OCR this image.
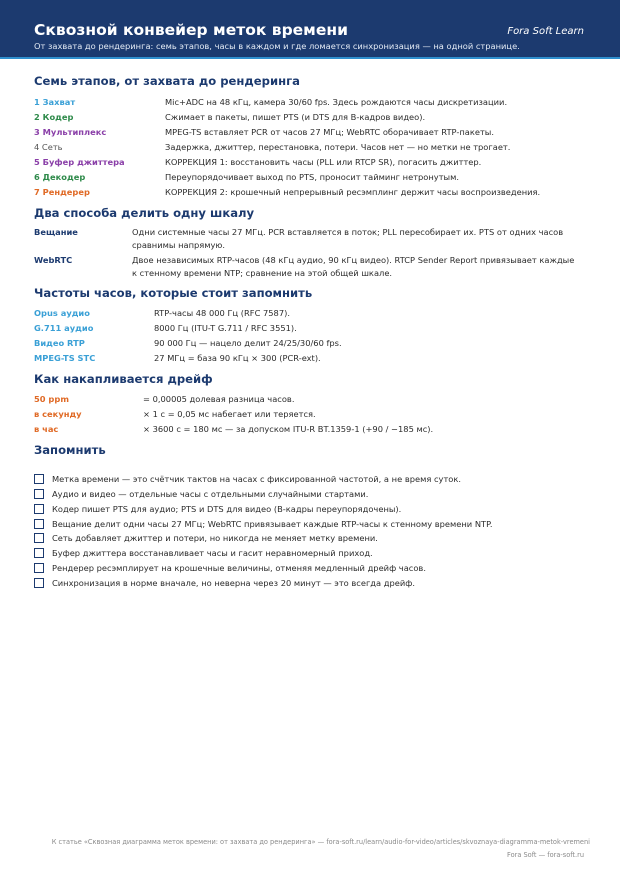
Сквозной конвейер меток времени	Fora Soft Learn
От захвата до рендеринга: семь этапов, часы в каждом и где ломается синхронизация — на одной странице.
Семь этапов, от захвата до рендеринга
1 Захват	Mic+ADC на 48 кГц, камера 30/60 fps. Здесь рождаются часы дискретизации.
2 Кодер	Сжимает в пакеты, пишет PTS (и DTS для B-кадров видео).
3 Мультиплекс	MPEG-TS вставляет PCR от часов 27 МГц; WebRTC оборачивает RTP-пакеты.
4 Сеть	Задержка, джиттер, перестановка, потери. Часов нет — но метки не трогает.
5 Буфер джиттера	КОРРЕКЦИЯ 1: восстановить часы (PLL или RTCP SR), погасить джиттер.
6 Декодер	Переупорядочивает выход по PTS, проносит тайминг нетронутым.
7 Рендерер	КОРРЕКЦИЯ 2: крошечный непрерывный ресэмплинг держит часы воспроизведения.
Два способа делить одну шкалу
Вещание	Одни системные часы 27 МГц. PCR вставляется в поток; PLL пересобирает их. PTS от одних часов сравнимы напрямую.
WebRTC	Двое независимых RTP-часов (48 кГц аудио, 90 кГц видео). RTCP Sender Report привязывает каждые к стенному времени NTP; сравнение на этой общей шкале.
Частоты часов, которые стоит запомнить
Opus аудио	RTP-часы 48 000 Гц (RFC 7587).
G.711 аудио	8000 Гц (ITU-T G.711 / RFC 3551).
Видео RTP	90 000 Гц — нацело делит 24/25/30/60 fps.
MPEG-TS STC	27 МГц = база 90 кГц × 300 (PCR-ext).
Как накапливается дрейф
50 ppm	= 0,00005 долевая разница часов.
в секунду	× 1 с = 0,05 мс набегает или теряется.
в час	× 3600 с = 180 мс — за допуском ITU-R BT.1359-1 (+90 / −185 мс).
Запомнить
Метка времени — это счётчик тактов на часах с фиксированной частотой, а не время суток.
Аудио и видео — отдельные часы с отдельными случайными стартами.
Кодер пишет PTS для аудио; PTS и DTS для видео (B-кадры переупорядочены).
Вещание делит одни часы 27 МГц; WebRTC привязывает каждые RTP-часы к стенному времени NTP.
Сеть добавляет джиттер и потери, но никогда не меняет метку времени.
Буфер джиттера восстанавливает часы и гасит неравномерный приход.
Рендерер ресэмплирует на крошечные величины, отменяя медленный дрейф часов.
Синхронизация в норме вначале, но неверна через 20 минут — это всегда дрейф.
К статье «Сквозная диаграмма меток времени: от захвата до рендеринга» — fora-soft.ru/learn/audio-for-video/articles/skvoznaya-diagramma-metok-vremeni
Fora Soft — fora-soft.ru
